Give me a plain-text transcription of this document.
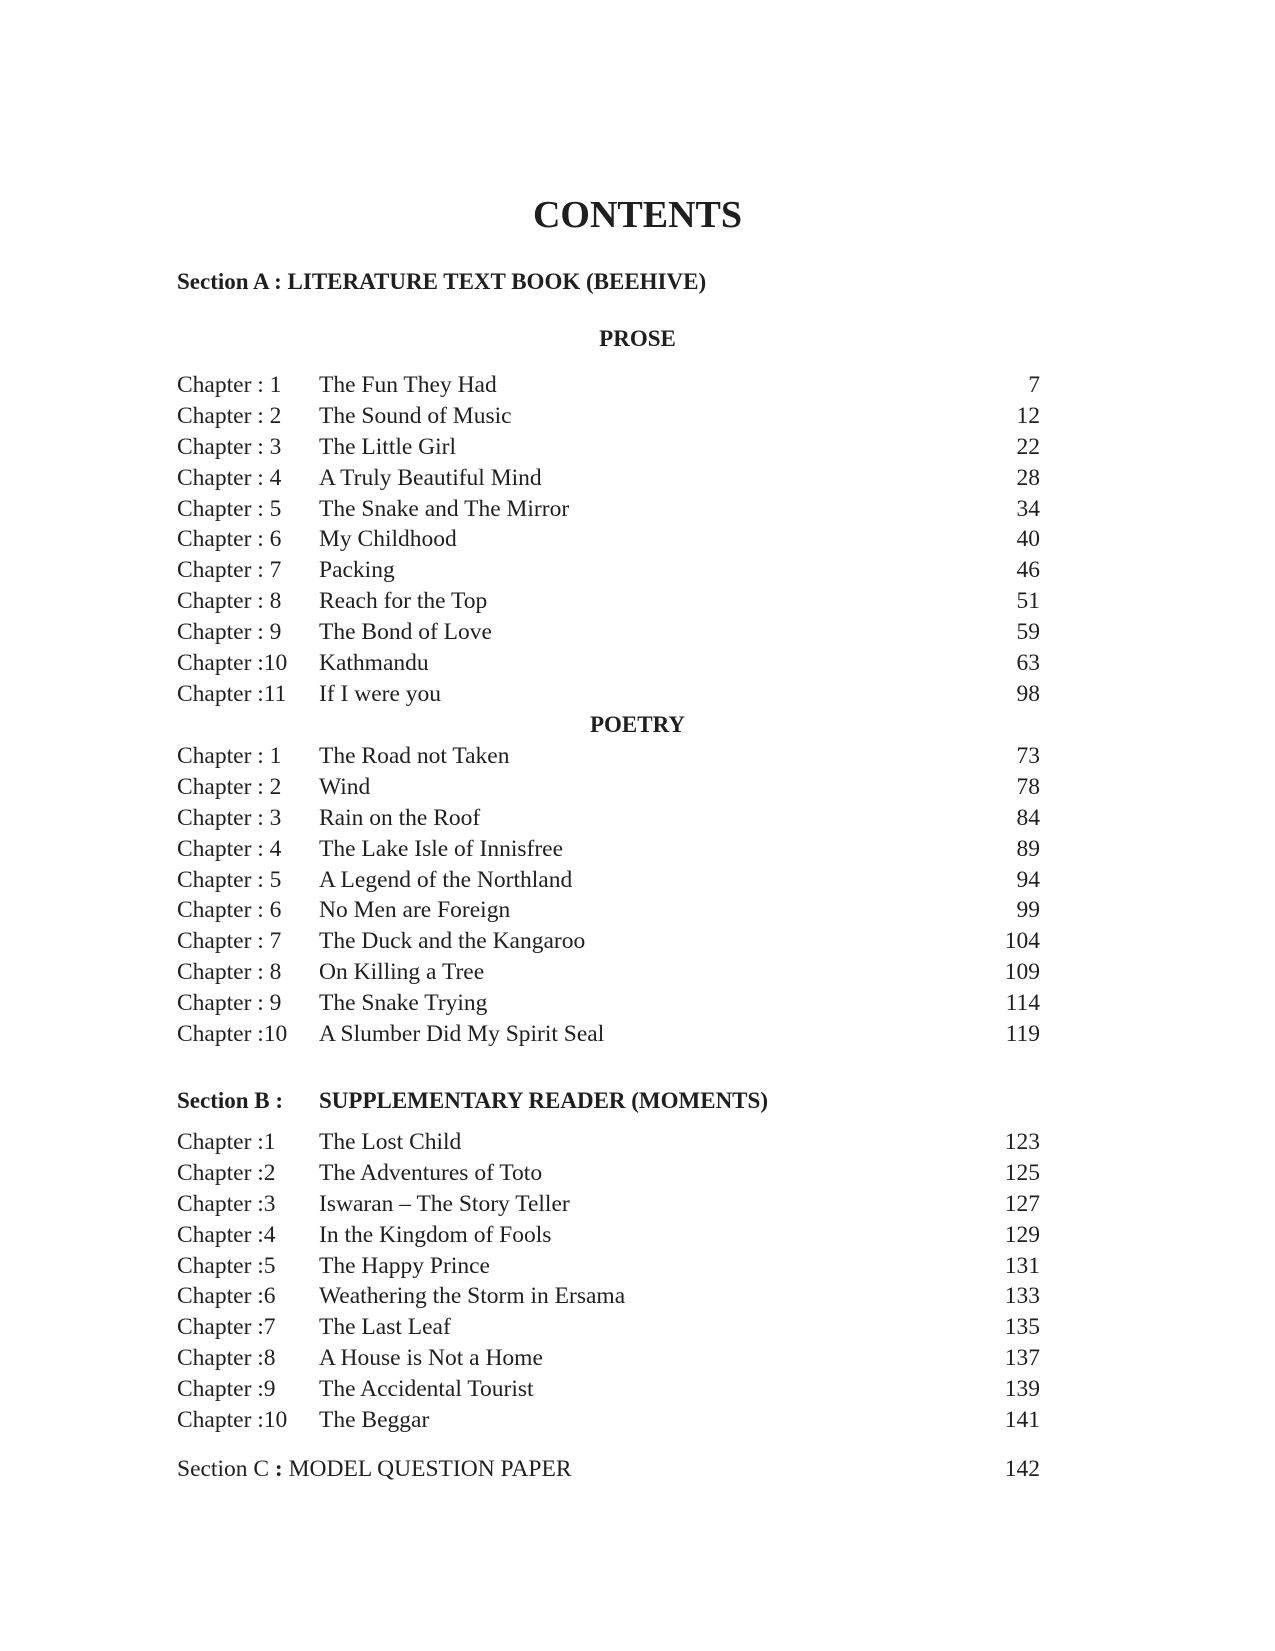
CONTENTS
Section A : LITERATURE TEXT BOOK (BEEHIVE)
PROSE
Chapter : 1 The Fun They Had	7
Chapter : 2 The Sound of Music	12
Chapter : 3 The Little Girl	22
Chapter : 4 A Truly Beautiful Mind	28
Chapter : 5 The Snake and The Mirror	34
Chapter : 6 My Childhood	40
Chapter : 7 Packing	46
Chapter : 8 Reach for the Top	51
Chapter : 9 The Bond of Love	59
Chapter :10 Kathmandu	63
Chapter :11 If I were you	98
POETRY
Chapter : 1 The Road not Taken	73
Chapter : 2 Wind	78
Chapter : 3 Rain on the Roof	84
Chapter : 4 The Lake Isle of Innisfree	89
Chapter : 5 A Legend of the Northland	94
Chapter : 6 No Men are Foreign	99
Chapter : 7 The Duck and the Kangaroo	104
Chapter : 8 On Killing a Tree	109
Chapter : 9 The Snake Trying	114
Chapter :10 A Slumber Did My Spirit Seal	119
Section B : SUPPLEMENTARY READER (MOMENTS)
Chapter :1 The Lost Child	123
Chapter :2 The Adventures of Toto	125
Chapter :3 Iswaran – The Story Teller	127
Chapter :4 In the Kingdom of Fools	129
Chapter :5 The Happy Prince	131
Chapter :6 Weathering the Storm in Ersama	133
Chapter :7 The Last Leaf	135
Chapter :8 A House is Not a Home	137
Chapter :9 The Accidental Tourist	139
Chapter :10 The Beggar	141
Section C : MODEL QUESTION PAPER	142
